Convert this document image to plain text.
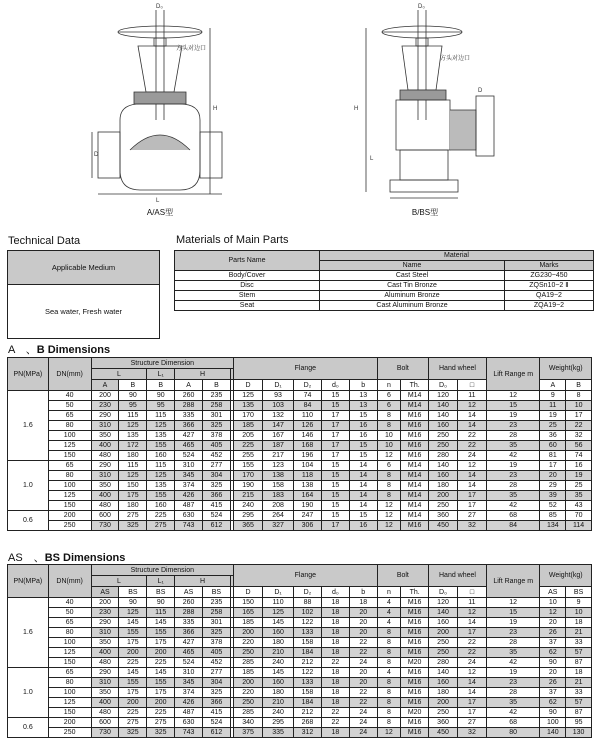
D₀
方头对边口
H
D
L
A/AS型
D₀
方头对边口
H
D
L
B/BS型
Technical Data
Applicable Medium
Sea water, Fresh water
Materials of Main Parts
Parts Name	Material	
	Name	Marks
Body/Cover	Cast Steel	ZG230−450
Disc	Cast Tin Bronze	ZQSn10−2 Ⅱ
Stem	Aluminum Bronze	QA19−2
Seat	Cast Aluminum Bronze	ZQA19−2
A　、B Dimensions
PN(MPa)	DN(mm)	Structure Dimension						Flange					Bolt		Hand wheel		Lift Range m	Weight(kg)	
		L		L₁	H														
		A	B	B	A	B		D	D₁	D₂	d₀	b	n	Th.	D₀	□		A	B
1.6	40	200	90	90	260	235		125	93	74	15	13	6	M14	120	11	12	9	8
	50	230	95	95	288	258		135	103	84	15	13	6	M14	140	12	15	11	10
	65	290	115	115	335	301		170	132	110	17	15	8	M16	140	14	19	19	17
	80	310	125	125	366	325		185	147	126	17	16	8	M16	160	14	23	25	22
	100	350	135	135	427	378		205	167	146	17	16	10	M16	250	22	28	36	32
	125	400	172	155	465	405		225	187	168	17	15	10	M16	250	22	35	60	56
	150	480	180	160	524	452		255	217	196	17	15	12	M16	280	24	42	81	74
1.0	65	290	115	115	310	277		155	123	104	15	14	6	M14	140	12	19	17	16
	80	310	125	125	345	304		170	138	118	15	14	8	M14	160	14	23	20	19
	100	350	150	135	374	325		190	158	138	15	14	8	M14	180	14	28	29	25
	125	400	175	155	426	366		215	183	164	15	14	8	M14	200	17	35	39	35
	150	480	180	160	487	415		240	208	190	15	14	12	M14	250	17	42	52	43
0.6	200	600	275	225	630	524		295	264	247	15	15	12	M14	360	27	68	85	70
	250	730	325	275	743	612		365	327	306	17	16	12	M16	450	32	84	134	114
AS　、BS Dimensions
PN(MPa)	DN(mm)	Structure Dimension						Flange					Bolt		Hand wheel		Lift Range m	Weight(kg)	
		L		L₁	H														
		AS	BS	BS	AS	BS		D	D₁	D₂	d₀	b	n	Th.	D₀	□		AS	BS
1.6	40	200	90	90	260	235		150	110	88	18	18	4	M16	120	11	12	10	9
	50	230	125	115	288	258		165	125	102	18	20	4	M16	140	12	15	12	10
	65	290	145	145	335	301		185	145	122	18	20	4	M16	160	14	19	20	18
	80	310	155	155	366	325		200	160	133	18	20	8	M16	200	17	23	26	21
	100	350	175	175	427	378		220	180	158	18	22	8	M16	250	22	28	37	33
	125	400	200	200	465	405		250	210	184	18	22	8	M16	250	22	35	62	57
	150	480	225	225	524	452		285	240	212	22	24	8	M20	280	24	42	90	87
1.0	65	290	145	145	310	277		185	145	122	18	20	4	M16	140	12	19	20	18
	80	310	155	155	345	304		200	160	133	18	20	8	M16	160	14	23	26	21
	100	350	175	175	374	325		220	180	158	18	22	8	M16	180	14	28	37	33
	125	400	200	200	426	366		250	210	184	18	22	8	M16	200	17	35	62	57
	150	480	225	225	487	415		285	240	212	22	24	8	M20	250	17	42	90	87
0.6	200	600	275	275	630	524		340	295	268	22	24	8	M16	360	27	68	100	95
	250	730	325	325	743	612		375	335	312	18	24	12	M16	450	32	80	140	130
